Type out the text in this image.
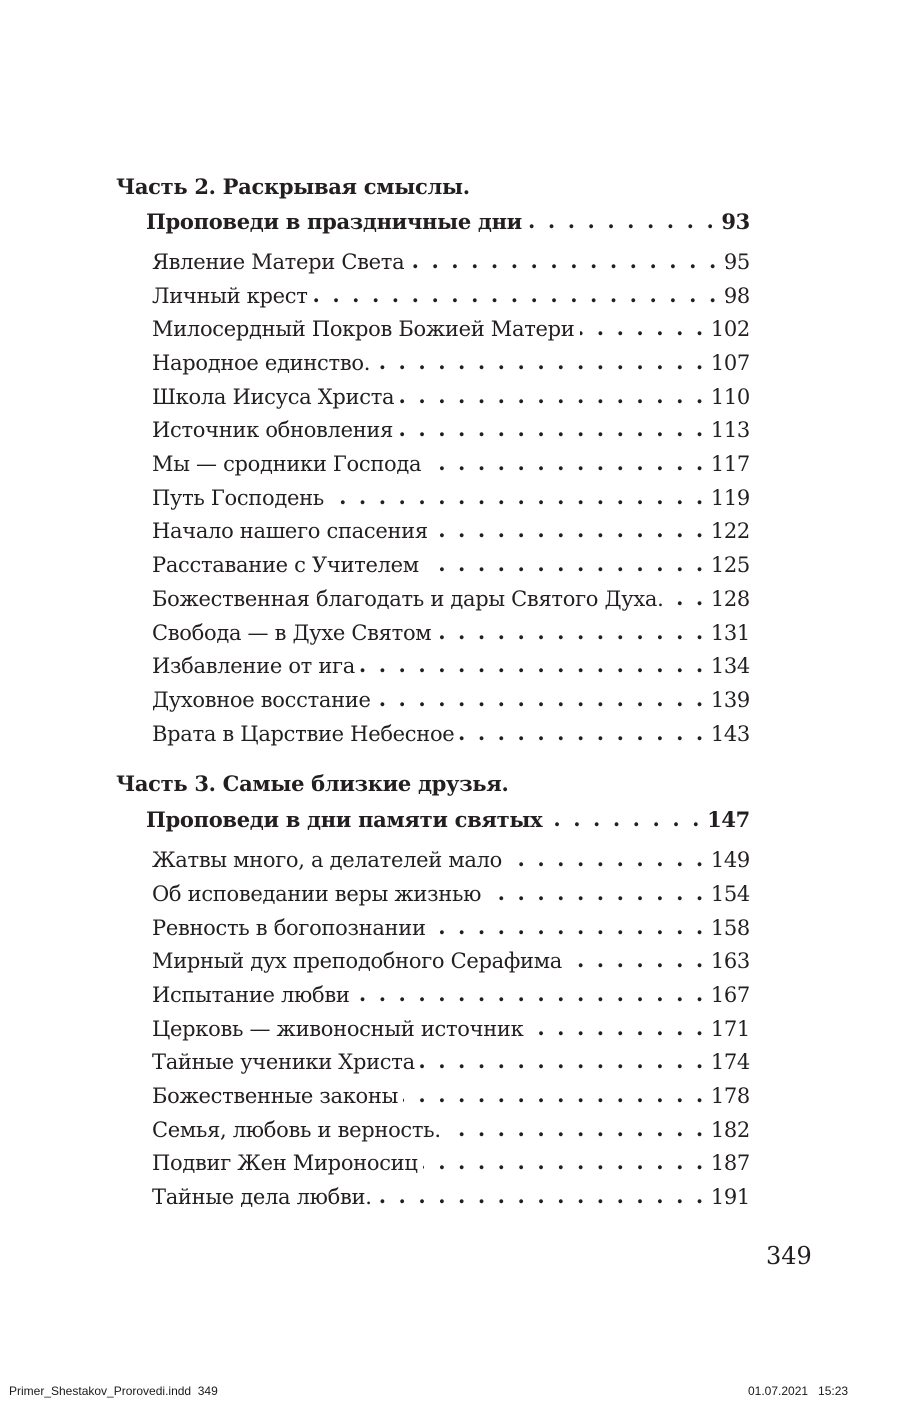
Часть 2. Раскрывая смыслы.
Проповеди в праздничные дни . . .	93
Явление Матери Света . . .	95
Личный крест . . .	98
Милосердный Покров Божией Матери . . .	102
Народное единство. . . .	107
Школа Иисуса Христа . . .	110
Источник обновления . . .	113
Мы — сродники Господа . . .	117
Путь Господень . . .	119
Начало нашего спасения . . .	122
Расставание с Учителем . . .	125
Божественная благодать и дары Святого Духа. . . . 128
Свобода — в Духе Святом . . .	131
Избавление от ига . . .	134
Духовное восстание . . .	139
Врата в Царствие Небесное . . .	143
Часть 3. Самые близкие друзья.
Проповеди в дни памяти святых . . .	147
Жатвы много, а делателей мало . . .	149
Об исповедании веры жизнью . . .	154
Ревность в богопознании . . .	158
Мирный дух преподобного Серафима . . .	163
Испытание любви . . .	167
Церковь — живоносный источник . . .	171
Тайные ученики Христа . . .	174
Божественные законы . . .	178
Семья, любовь и верность. . . .	182
Подвиг Жен Мироносиц . . .	187
Тайные дела любви. . . .	191
349
Primer_Shestakov_Prorovedi.indd  349	01.07.2021   15:23
